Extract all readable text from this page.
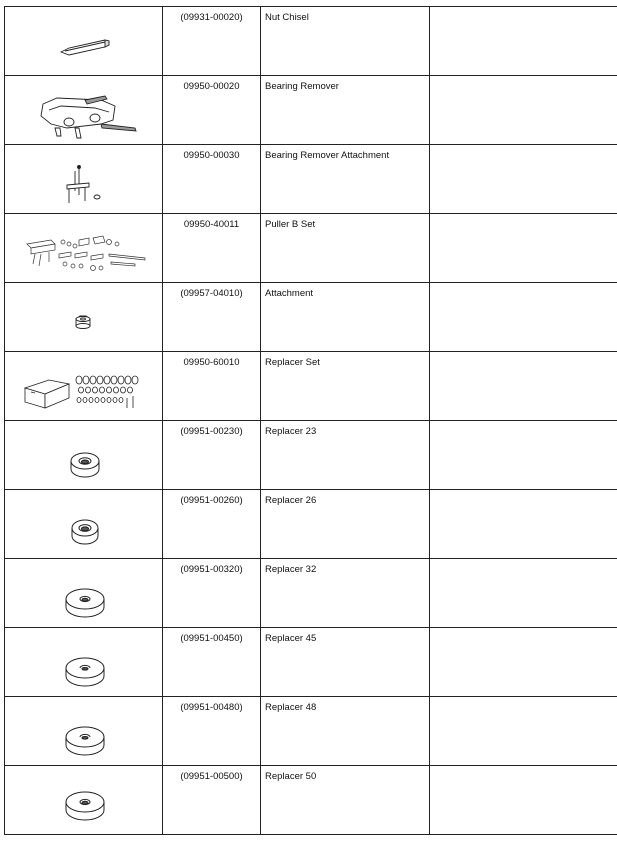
(09931-00020)	Nut Chisel	

09950-00020	Bearing Remover	

09950-00030	Bearing Remover Attachment	

09950-40011	Puller B Set	

(09957-04010)	Attachment	

09950-60010	Replacer Set	

(09951-00230)	Replacer 23	

(09951-00260)	Replacer 26	

(09951-00320)	Replacer 32	

(09951-00450)	Replacer 45	

(09951-00480)	Replacer 48	

(09951-00500)	Replacer 50	
